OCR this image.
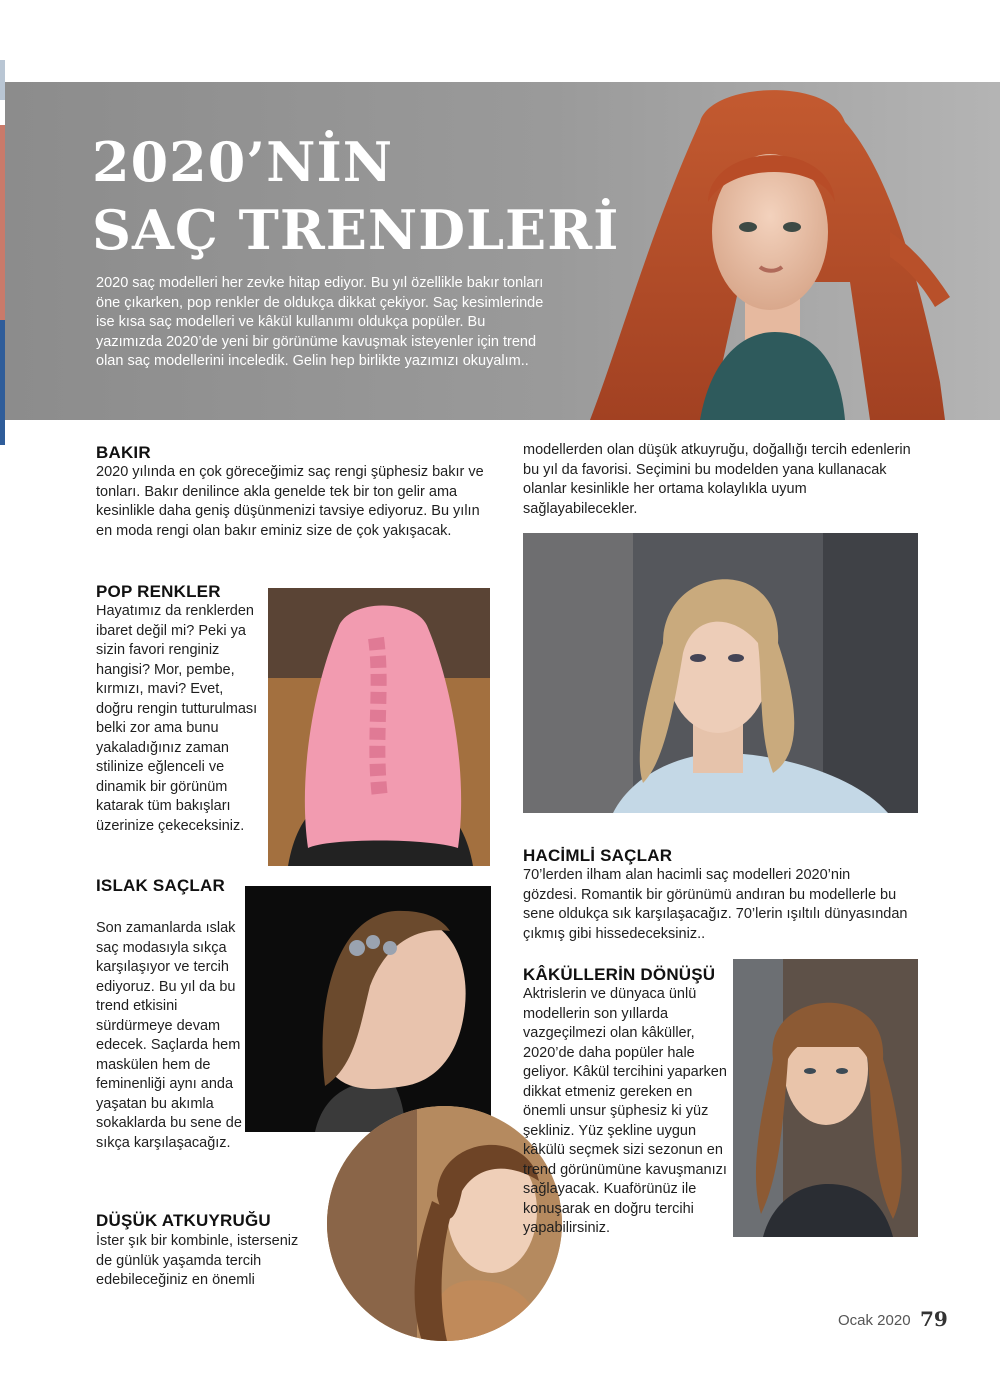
2020’NİN
SAÇ TRENDLERİ

2020 saç modelleri her zevke hitap ediyor. Bu yıl özellikle bakır tonları öne çıkarken, pop renkler de oldukça dikkat çekiyor. Saç kesimlerinde ise kısa saç modelleri ve kâkül kullanımı oldukça popüler. Bu yazımızda 2020’de yeni bir görünüme kavuşmak isteyenler için trend olan saç modellerini inceledik. Gelin hep birlikte yazımızı okuyalım..

BAKIR

2020 yılında en çok göreceğimiz saç rengi şüphesiz bakır ve tonları. Bakır denilince akla genelde tek bir ton gelir ama kesinlikle daha geniş düşünmenizi tavsiye ediyoruz. Bu yılın en moda rengi olan bakır eminiz size de çok yakışacak.

POP RENKLER

Hayatımız da renklerden ibaret değil mi? Peki ya sizin favori renginiz hangisi? Mor, pembe, kırmızı, mavi? Evet, doğru rengin tutturulması belki zor ama bunu yakaladığınız zaman stilinize eğlenceli ve dinamik bir görünüm katarak tüm bakışları üzerinize çekeceksiniz.

ISLAK SAÇLAR

Son zamanlarda ıslak saç modasıyla sıkça karşılaşıyor ve tercih ediyoruz. Bu yıl da bu trend etkisini sürdürmeye devam edecek. Saçlarda hem maskülen hem de feminenliği aynı anda yaşatan bu akımla sokaklarda bu sene de sıkça karşılaşacağız.

DÜŞÜK ATKUYRUĞU

İster şık bir kombinle, isterseniz de günlük yaşamda tercih edebileceğiniz en önemli

modellerden olan düşük atkuyruğu, doğallığı tercih edenlerin bu yıl da favorisi. Seçimini bu modelden yana kullanacak olanlar kesinlikle her ortama kolaylıkla uyum sağlayabilecekler.

HACİMLİ SAÇLAR

70’lerden ilham alan hacimli saç modelleri 2020’nin gözdesi. Romantik bir görünümü andıran bu modellerle bu sene oldukça sık karşılaşacağız. 70’lerin ışıltılı dünyasından çıkmış gibi hissedeceksiniz..

KÂKÜLLERİN DÖNÜŞÜ

Aktrislerin ve dünyaca ünlü modellerin son yıllarda vazgeçilmezi olan kâküller, 2020’de daha popüler hale geliyor. Kâkül tercihini yaparken dikkat etmeniz gereken en önemli unsur şüphesiz ki yüz şekliniz. Yüz şekline uygun kâkülü seçmek sizi sezonun en trend görünümüne kavuşmanızı sağlayacak. Kuaförünüz ile konuşarak en doğru tercihi yapabilirsiniz.

Ocak 2020 79
